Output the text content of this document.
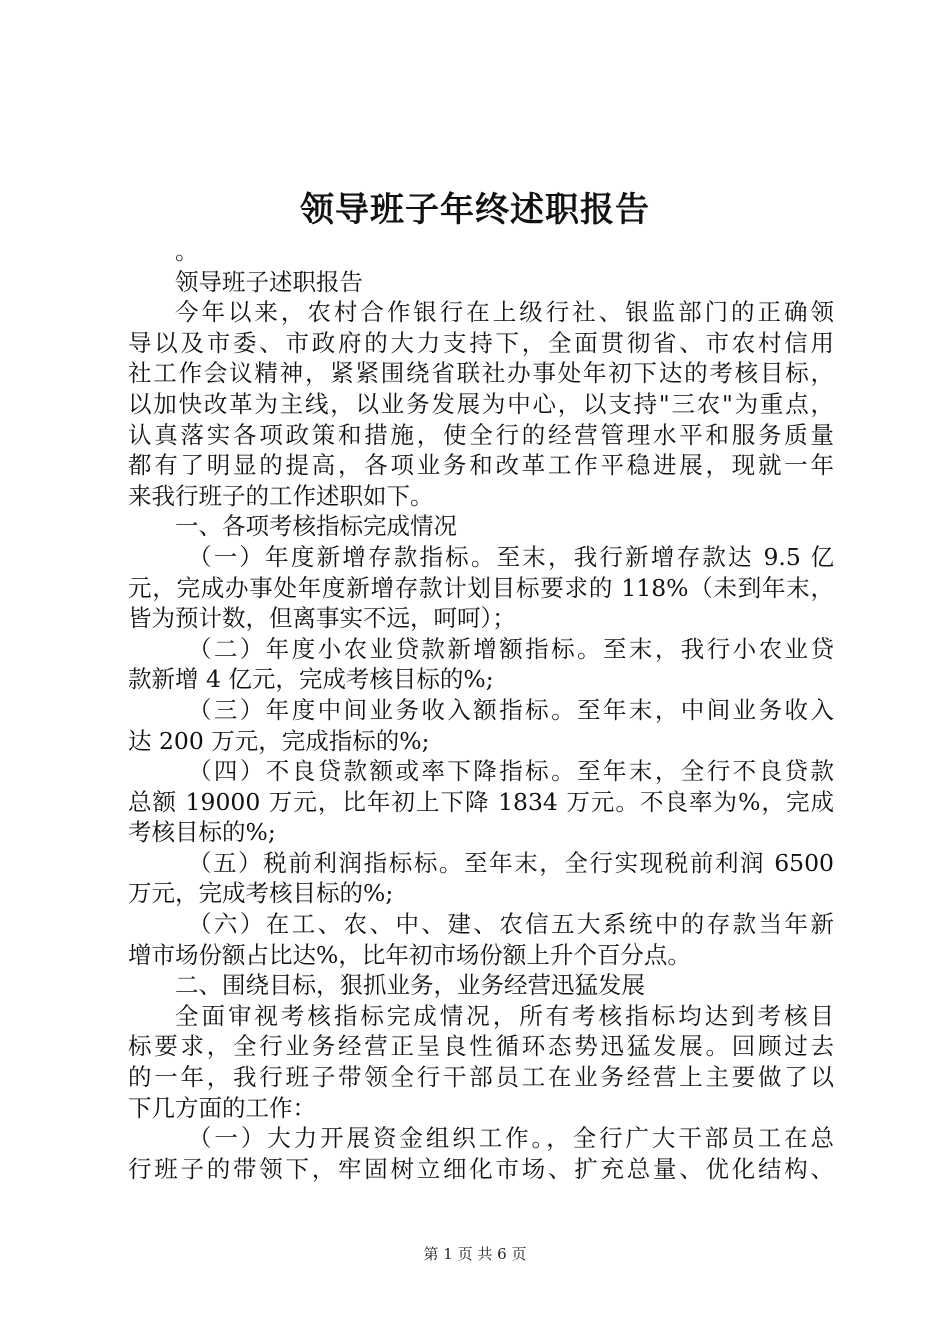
领导班子年终述职报告
。
领导班子述职报告
今年以来，农村合作银行在上级行社、银监部门的正确领
导以及市委、市政府的大力支持下，全面贯彻省、市农村信用
社工作会议精神，紧紧围绕省联社办事处年初下达的考核目标，
以加快改革为主线，以业务发展为中心，以支持"三农"为重点，
认真落实各项政策和措施，使全行的经营管理水平和服务质量
都有了明显的提高，各项业务和改革工作平稳进展，现就一年
来我行班子的工作述职如下。
一、各项考核指标完成情况
（一）年度新增存款指标。至末，我行新增存款达 9.5 亿
元，完成办事处年度新增存款计划目标要求的 118%（未到年末，
皆为预计数，但离事实不远，呵呵）；
（二）年度小农业贷款新增额指标。至末，我行小农业贷
款新增 4 亿元，完成考核目标的%;
（三）年度中间业务收入额指标。至年末，中间业务收入
达 200 万元，完成指标的%;
（四）不良贷款额或率下降指标。至年末，全行不良贷款
总额 19000 万元，比年初上下降 1834 万元。不良率为%，完成
考核目标的%;
（五）税前利润指标标。至年末，全行实现税前利润 6500
万元，完成考核目标的%;
（六）在工、农、中、建、农信五大系统中的存款当年新
增市场份额占比达%，比年初市场份额上升个百分点。
二、围绕目标，狠抓业务，业务经营迅猛发展
全面审视考核指标完成情况，所有考核指标均达到考核目
标要求，全行业务经营正呈良性循环态势迅猛发展。回顾过去
的一年，我行班子带领全行干部员工在业务经营上主要做了以
下几方面的工作：
（一）大力开展资金组织工作。，全行广大干部员工在总
行班子的带领下，牢固树立细化市场、扩充总量、优化结构、
第 1 页 共 6 页
